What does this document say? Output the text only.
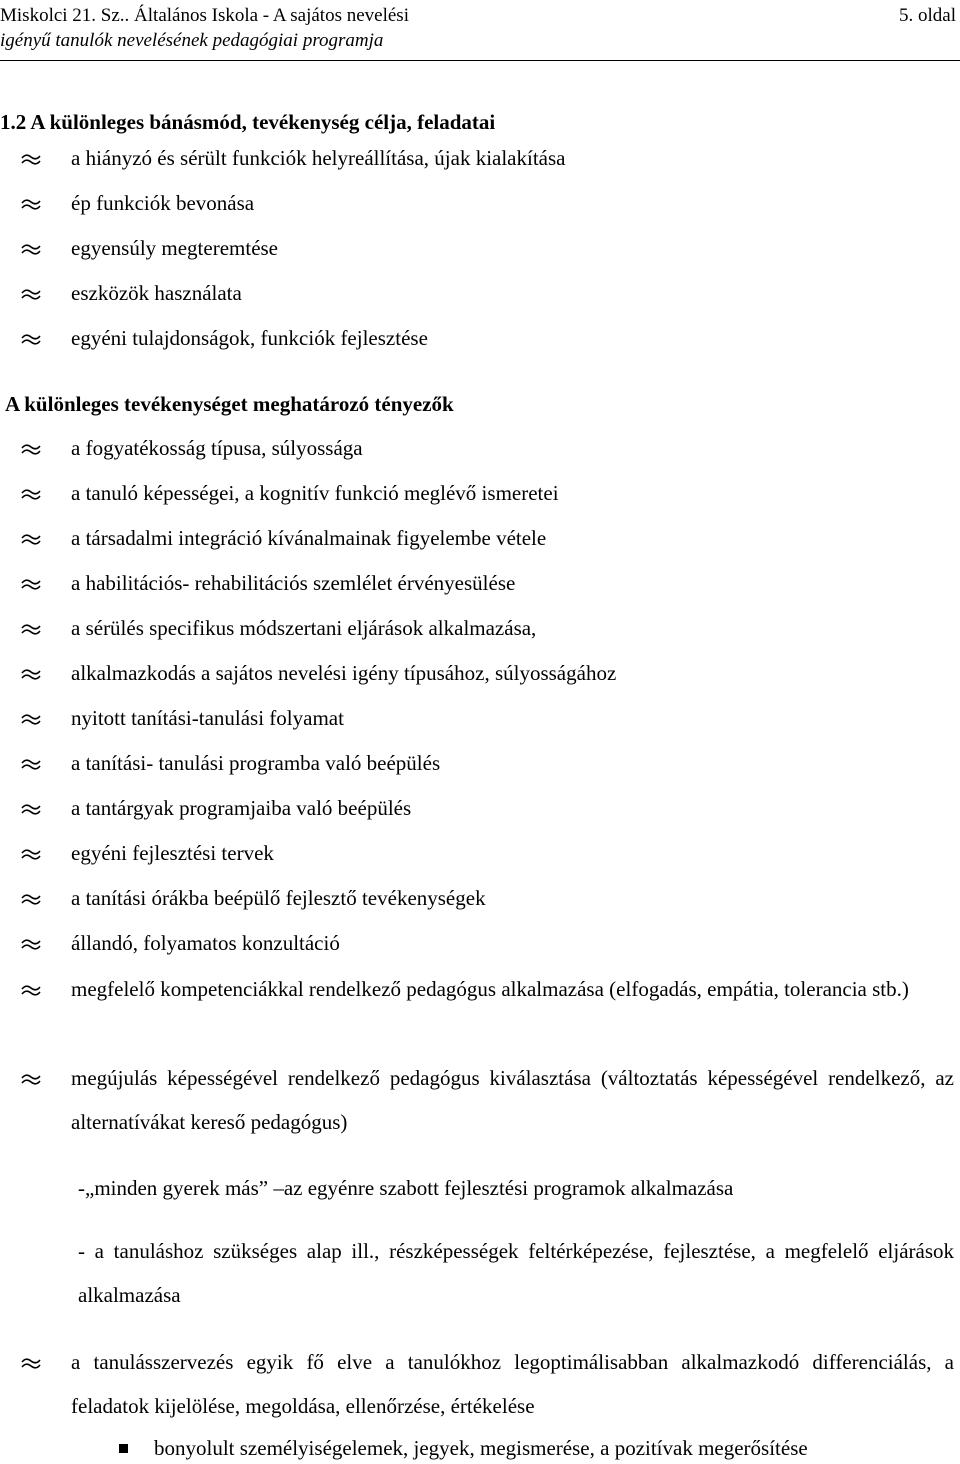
Miskolci 21. Sz.. Általános Iskola - A sajátos nevelési
igényű tanulók nevelésének pedagógiai programja
5. oldal
1.2 A különleges bánásmód, tevékenység célja, feladatai
a hiányzó és sérült funkciók helyreállítása, újak kialakítása
ép funkciók bevonása
egyensúly megteremtése
eszközök használata
egyéni tulajdonságok, funkciók fejlesztése
A különleges tevékenységet meghatározó tényezők
a fogyatékosság típusa, súlyossága
a tanuló képességei, a kognitív funkció meglévő ismeretei
a társadalmi integráció kívánalmainak figyelembe vétele
a habilitációs- rehabilitációs szemlélet érvényesülése
a sérülés specifikus módszertani eljárások alkalmazása,
alkalmazkodás a sajátos nevelési igény típusához, súlyosságához
nyitott tanítási-tanulási folyamat
a tanítási- tanulási programba való beépülés
a tantárgyak programjaiba való beépülés
egyéni fejlesztési tervek
a tanítási órákba beépülő fejlesztő tevékenységek
állandó, folyamatos konzultáció
megfelelő kompetenciákkal rendelkező pedagógus alkalmazása (elfogadás, empátia, tolerancia stb.)
megújulás képességével rendelkező pedagógus kiválasztása (változtatás képességével rendelkező, az alternatívákat kereső pedagógus)
-„minden gyerek más” –az egyénre szabott fejlesztési programok alkalmazása
- a tanuláshoz szükséges alap ill., részképességek feltérképezése, fejlesztése, a megfelelő eljárások alkalmazása
a tanulásszervezés egyik fő elve a tanulókhoz legoptimálisabban alkalmazkodó differenciálás, a feladatok kijelölése, megoldása, ellenőrzése, értékelése
bonyolult személyiségelemek, jegyek, megismerése, a pozitívak megerősítése
